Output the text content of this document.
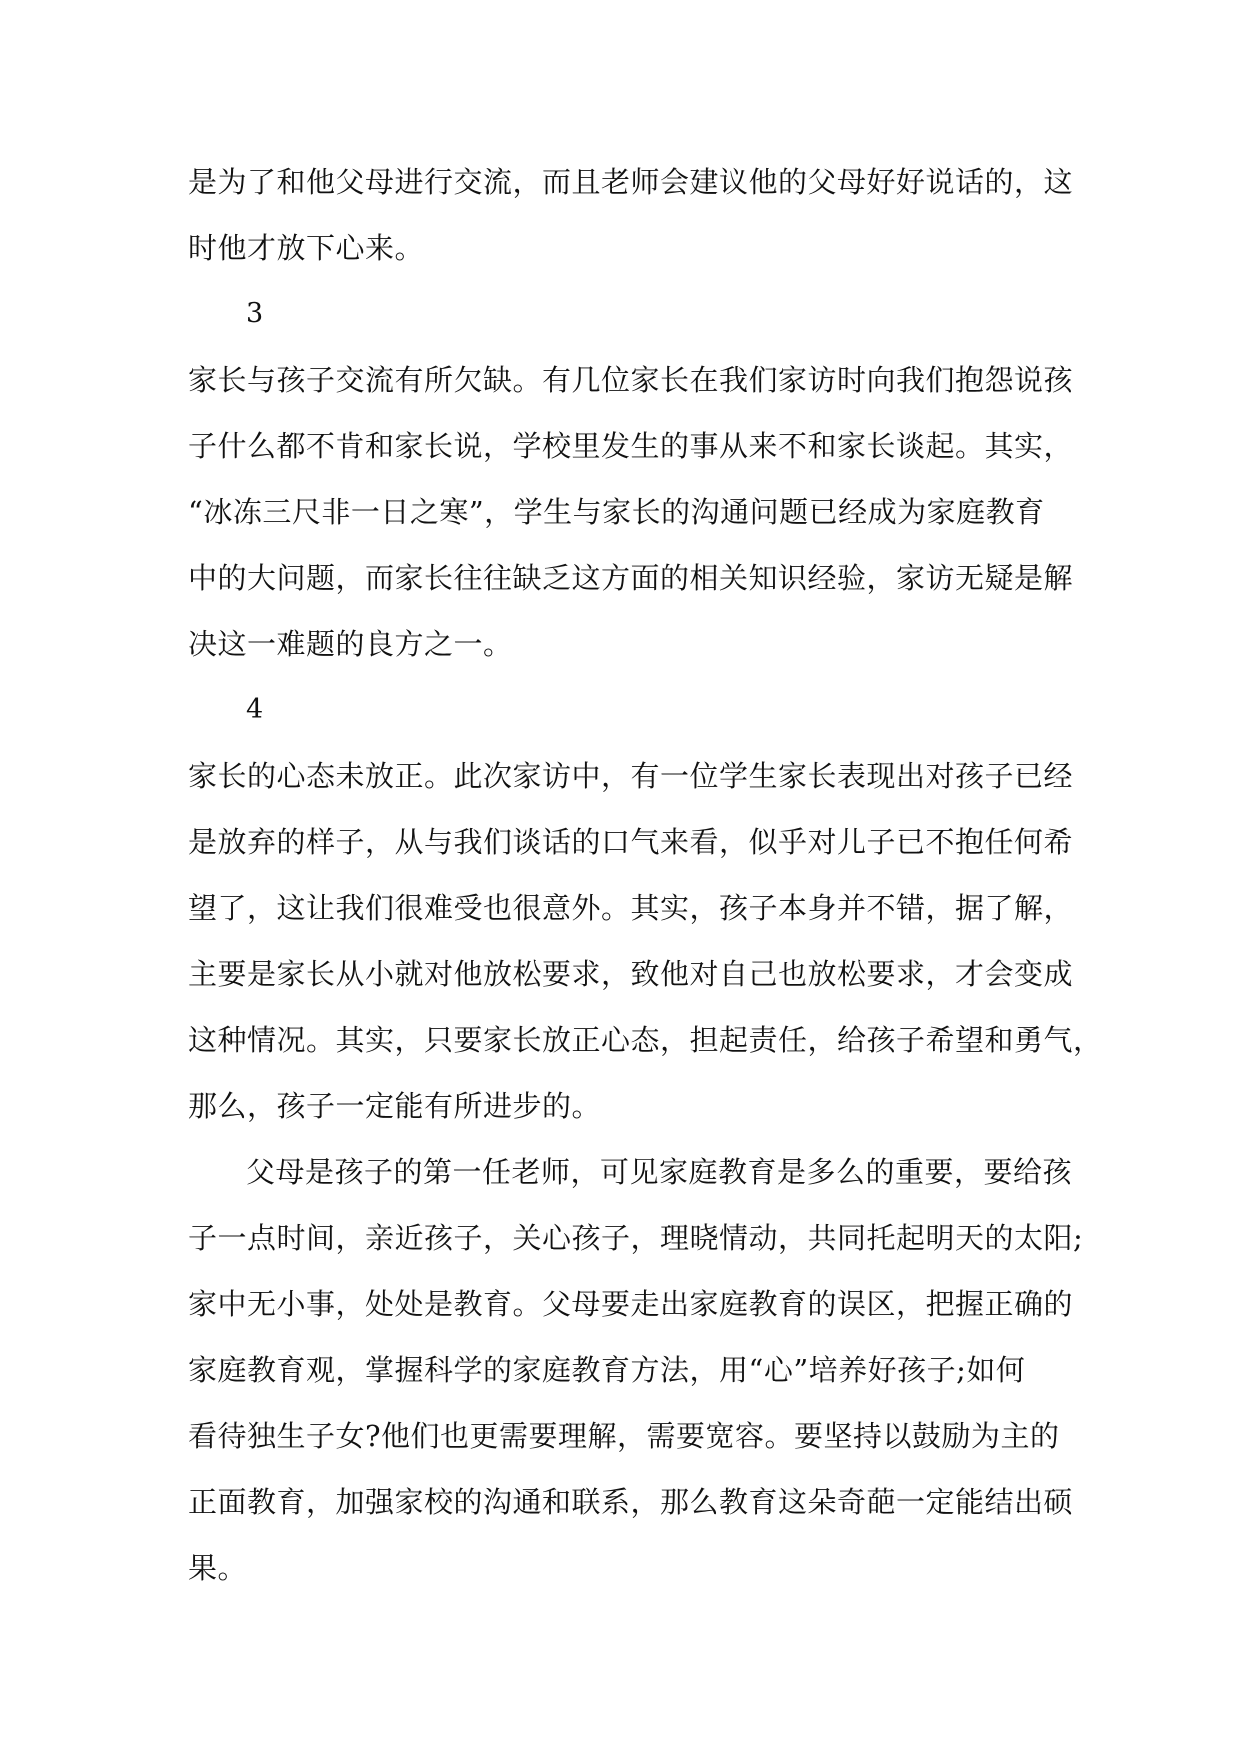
是为了和他父母进行交流，而且老师会建议他的父母好好说话的，这
时他才放下心来。
3
家长与孩子交流有所欠缺。有几位家长在我们家访时向我们抱怨说孩
子什么都不肯和家长说，学校里发生的事从来不和家长谈起。其实，
“冰冻三尺非一日之寒”，学生与家长的沟通问题已经成为家庭教育
中的大问题，而家长往往缺乏这方面的相关知识经验，家访无疑是解
决这一难题的良方之一。
4
家长的心态未放正。此次家访中，有一位学生家长表现出对孩子已经
是放弃的样子，从与我们谈话的口气来看，似乎对儿子已不抱任何希
望了，这让我们很难受也很意外。其实，孩子本身并不错，据了解，
主要是家长从小就对他放松要求，致他对自己也放松要求，才会变成
这种情况。其实，只要家长放正心态，担起责任，给孩子希望和勇气，
那么，孩子一定能有所进步的。
父母是孩子的第一任老师，可见家庭教育是多么的重要，要给孩
子一点时间，亲近孩子，关心孩子，理晓情动，共同托起明天的太阳;
家中无小事，处处是教育。父母要走出家庭教育的误区，把握正确的
家庭教育观，掌握科学的家庭教育方法，用“心”培养好孩子;如何
看待独生子女?他们也更需要理解，需要宽容。要坚持以鼓励为主的
正面教育，加强家校的沟通和联系，那么教育这朵奇葩一定能结出硕
果。
